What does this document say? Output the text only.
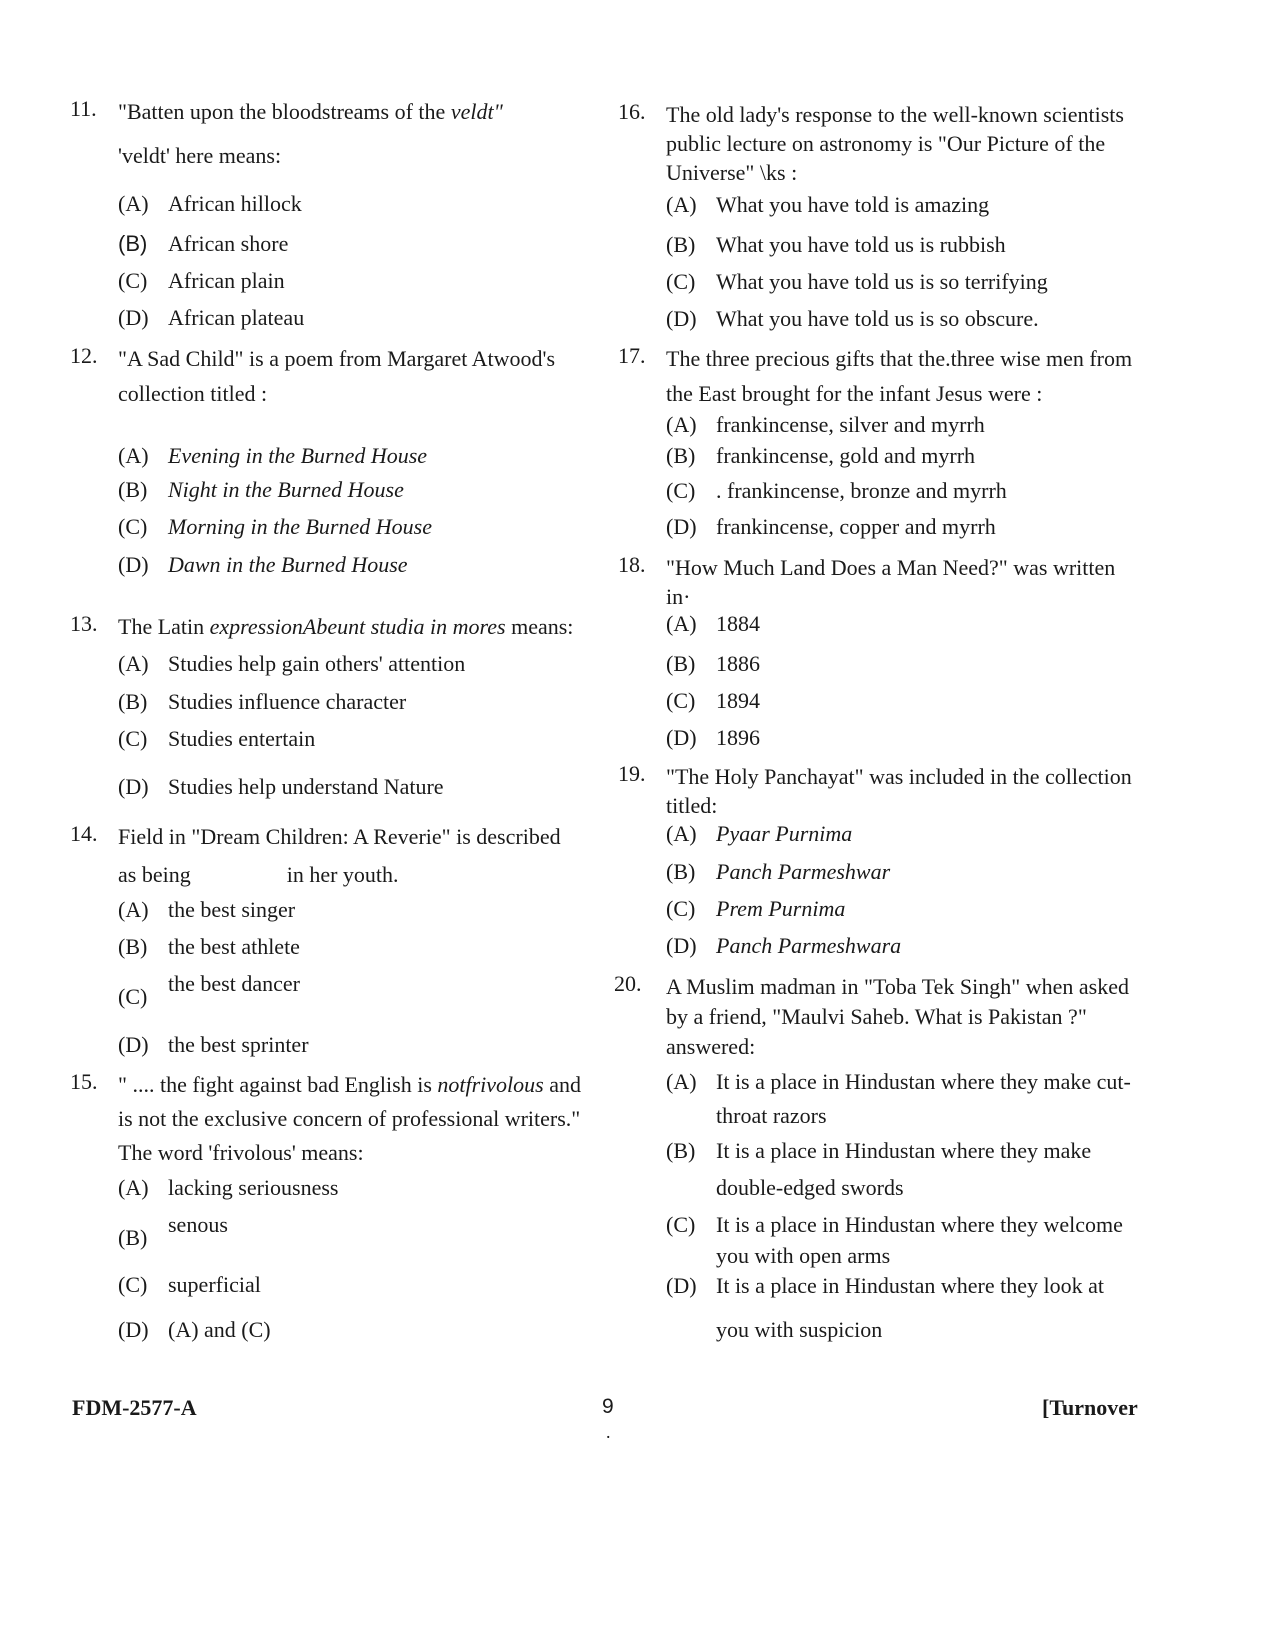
11. "Batten upon the bloodstreams of the veldt"
'veldt' here means:
(A) African hillock
(B) African shore
(C) African plain
(D) African plateau
12. "A Sad Child" is a poem from Margaret Atwood's
collection titled :
(A) Evening in the Burned House
(B) Night in the Burned House
(C) Morning in the Burned House
(D) Dawn in the Burned House
13. The Latin expressionAbeunt studia in mores means:
(A) Studies help gain others' attention
(B) Studies influence character
(C) Studies entertain
(D) Studies help understand Nature
14. Field in "Dream Children: A Reverie" is described
as being	in her youth.
(A) the best singer
(B) the best athlete
(C)
the best dancer
(D) the best sprinter
15. " .... the fight against bad English is notfrivolous and
is not the exclusive concern of professional writers."
The word 'frivolous' means:
(A) lacking seriousness
(B)
senous
(C) superficial
(D) (A) and (C)
16. The old lady's response to the well-known scientists
public lecture on astronomy is "Our Picture of the
Universe" \ks :
(A) What you have told is amazing
(B) What you have told us is rubbish
(C) What you have told us is so terrifying
(D) What you have told us is so obscure.
17. The three precious gifts that the.three wise men from
the East brought for the infant Jesus were :
(A) frankincense, silver and myrrh
(B) frankincense, gold and myrrh
(C) . frankincense, bronze and myrrh
(D) frankincense, copper and myrrh
18. "How Much Land Does a Man Need?" was written
in·
(A) 1884
(B) 1886
(C) 1894
(D) 1896
19. "The Holy Panchayat" was included in the collection
titled:
(A) Pyaar Purnima
(B) Panch Parmeshwar
(C) Prem Purnima
(D) Panch Parmeshwara
20. A Muslim madman in "Toba Tek Singh" when asked
by a friend, "Maulvi Saheb. What is Pakistan ?"
answered:
(A) It is a place in Hindustan where they make cut-
throat razors
(B) It is a place in Hindustan where they make
double-edged swords
(C) It is a place in Hindustan where they welcome
you with open arms
(D) It is a place in Hindustan where they look at
you with suspicion
FDM-2577-A	9
.
[Turnover
